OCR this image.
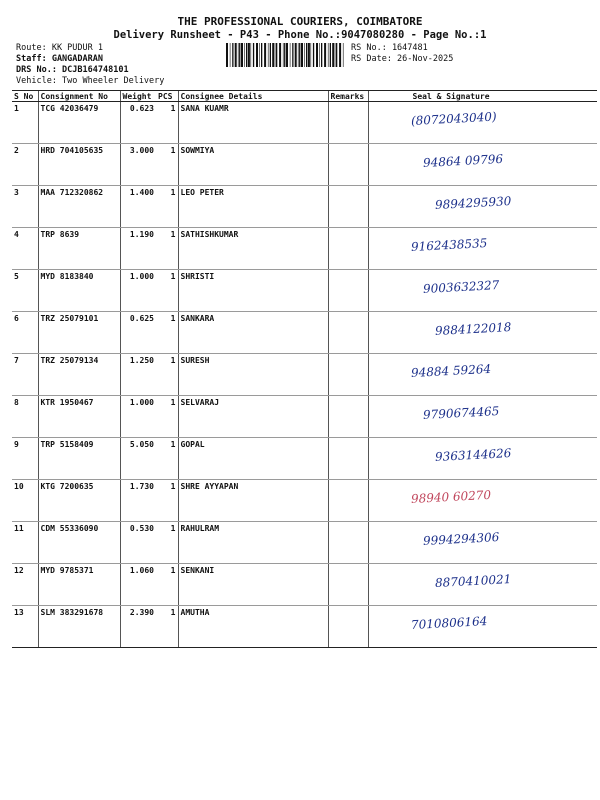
THE PROFESSIONAL COURIERS, COIMBATORE
Delivery Runsheet - P43 - Phone No.:9047080280 - Page No.:1
Route: KK PUDUR 1
Staff: GANGADARAN
DRS No.: DCJB164748101
Vehicle: Two Wheeler Delivery
RS No.: 1647481
RS Date: 26-Nov-2025
S No	Consignment No	Weight	PCS	Consignee Details	Remarks	Seal & Signature
1	TCG 42036479	0.623	1	SANA KUAMR		(8072043040)

2	HRD 704105635	3.000	1	SOWMIYA		94864 09796

3	MAA 712320862	1.400	1	LEO PETER		9894295930

4	TRP 8639	1.190	1	SATHISHKUMAR		9162438535

5	MYD 8183840	1.000	1	SHRISTI		9003632327

6	TRZ 25079101	0.625	1	SANKARA		9884122018

7	TRZ 25079134	1.250	1	SURESH		94884 59264

8	KTR 1950467	1.000	1	SELVARAJ		9790674465

9	TRP 5158409	5.050	1	GOPAL		9363144626

10	KTG 7200635	1.730	1	SHRE AYYAPAN		98940 60270

11	CDM 55336090	0.530	1	RAHULRAM		9994294306

12	MYD 9785371	1.060	1	SENKANI		8870410021

13	SLM 383291678	2.390	1	AMUTHA		7010806164
